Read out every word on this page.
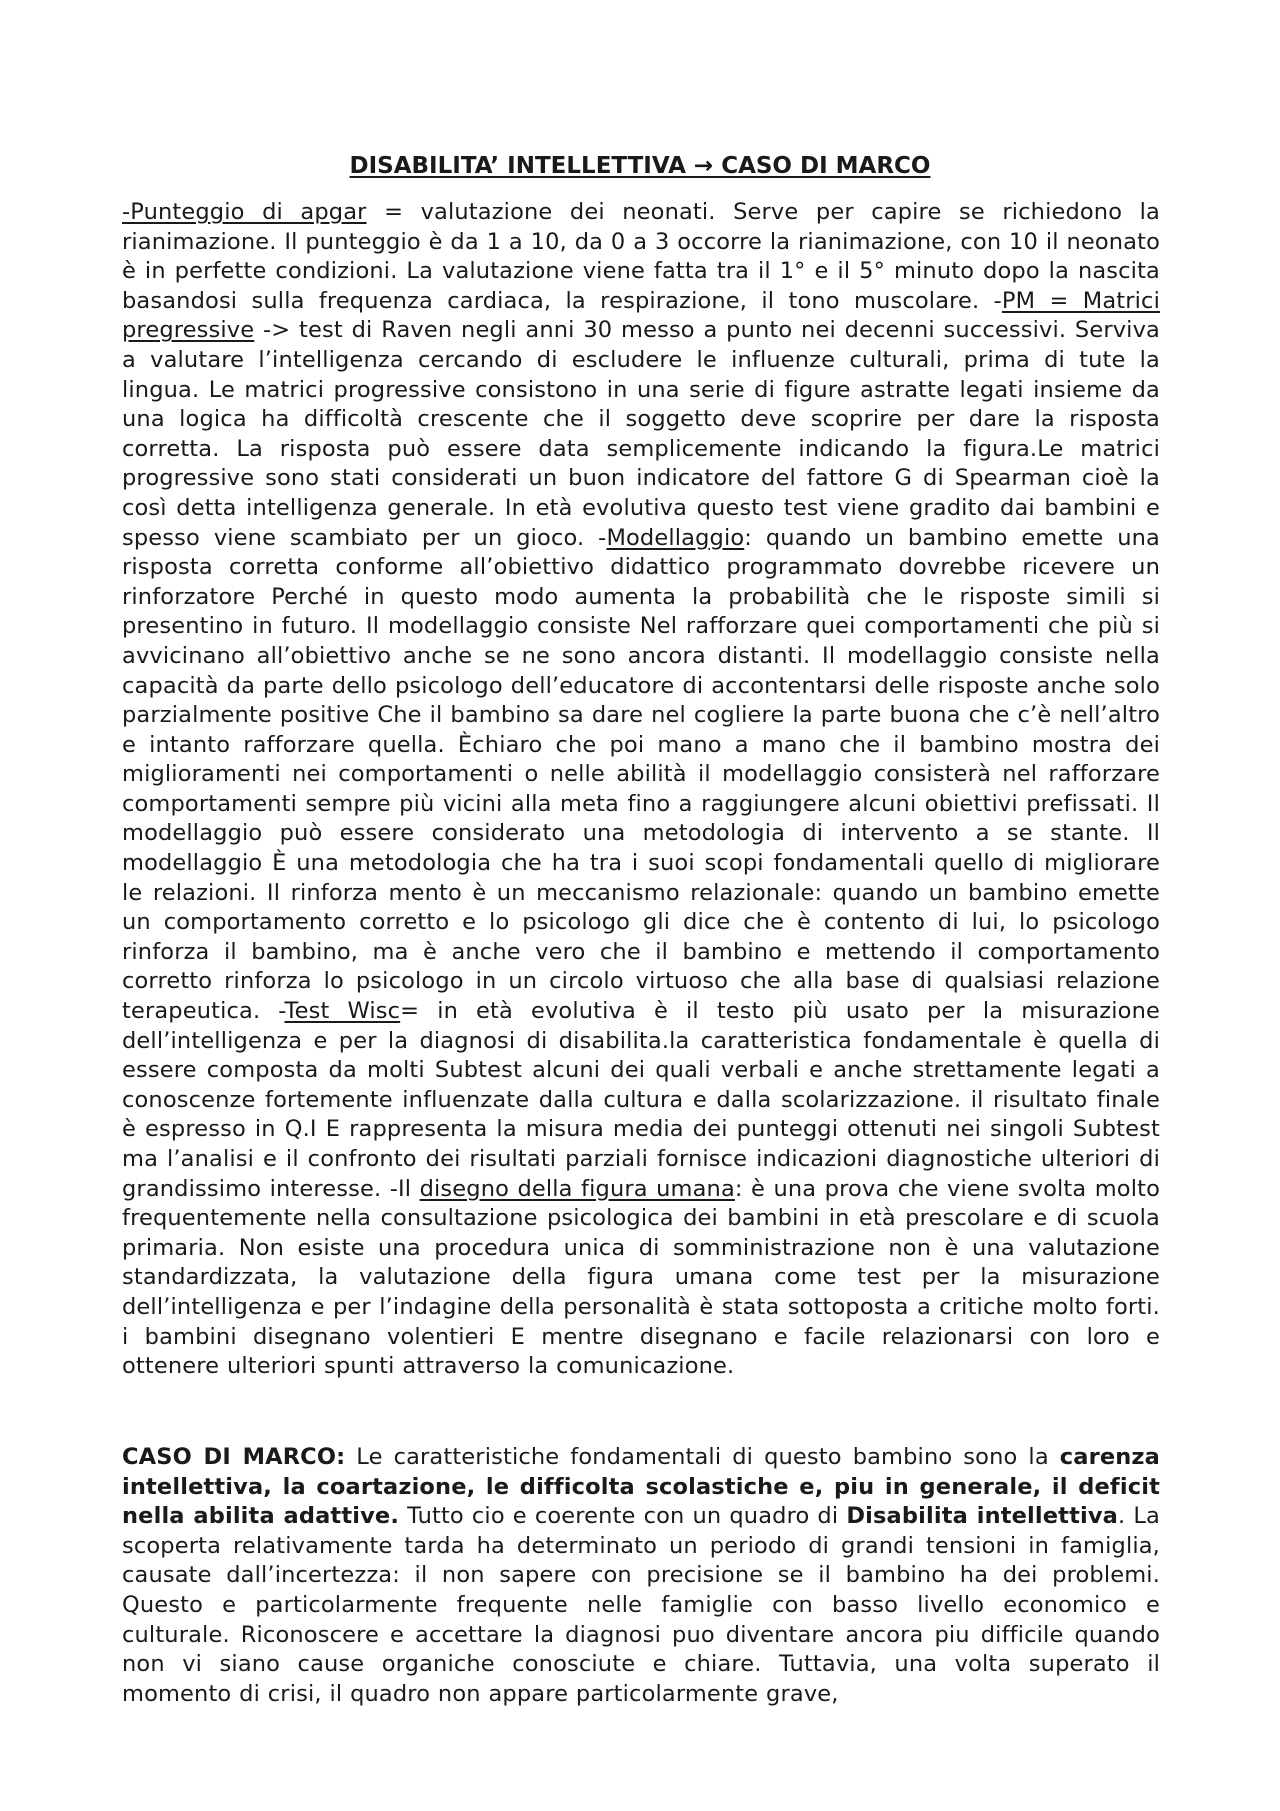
DISABILITA’ INTELLETTIVA → CASO DI MARCO
-Punteggio di apgar = valutazione dei neonati. Serve per capire se richiedono la rianimazione. Il punteggio è da 1 a 10, da 0 a 3 occorre la rianimazione, con 10 il neonato è in perfette condizioni. La valutazione viene fatta tra il 1° e il 5° minuto dopo la nascita basandosi sulla frequenza cardiaca, la respirazione, il tono muscolare. -PM = Matrici pregressive -> test di Raven negli anni 30 messo a punto nei decenni successivi. Serviva a valutare l’intelligenza cercando di escludere le influenze culturali, prima di tute la lingua. Le matrici progressive consistono in una serie di figure astratte legati insieme da una logica ha difficoltà crescente che il soggetto deve scoprire per dare la risposta corretta. La risposta può essere data semplicemente indicando la figura.Le matrici progressive sono stati considerati un buon indicatore del fattore G di Spearman cioè la così detta intelligenza generale. In età evolutiva questo test viene gradito dai bambini e spesso viene scambiato per un gioco. -Modellaggio: quando un bambino emette una risposta corretta conforme all’obiettivo didattico programmato dovrebbe ricevere un rinforzatore Perché in questo modo aumenta la probabilità che le risposte simili si presentino in futuro. Il modellaggio consiste Nel rafforzare quei comportamenti che più si avvicinano all’obiettivo anche se ne sono ancora distanti. Il modellaggio consiste nella capacità da parte dello psicologo dell’educatore di accontentarsi delle risposte anche solo parzialmente positive Che il bambino sa dare nel cogliere la parte buona che c’è nell’altro e intanto rafforzare quella. Èchiaro che poi mano a mano che il bambino mostra dei miglioramenti nei comportamenti o nelle abilità il modellaggio consisterà nel rafforzare comportamenti sempre più vicini alla meta fino a raggiungere alcuni obiettivi prefissati. Il modellaggio può essere considerato una metodologia di intervento a se stante. Il modellaggio È una metodologia che ha tra i suoi scopi fondamentali quello di migliorare le relazioni. Il rinforza mento è un meccanismo relazionale: quando un bambino emette un comportamento corretto e lo psicologo gli dice che è contento di lui, lo psicologo rinforza il bambino, ma è anche vero che il bambino e mettendo il comportamento corretto rinforza lo psicologo in un circolo virtuoso che alla base di qualsiasi relazione terapeutica. -Test Wisc= in età evolutiva è il testo più usato per la misurazione dell’intelligenza e per la diagnosi di disabilita.la caratteristica fondamentale è quella di essere composta da molti Subtest alcuni dei quali verbali e anche strettamente legati a conoscenze fortemente influenzate dalla cultura e dalla scolarizzazione. il risultato finale è espresso in Q.I E rappresenta la misura media dei punteggi ottenuti nei singoli Subtest ma l’analisi e il confronto dei risultati parziali fornisce indicazioni diagnostiche ulteriori di grandissimo interesse. -Il disegno della figura umana: è una prova che viene svolta molto frequentemente nella consultazione psicologica dei bambini in età prescolare e di scuola primaria. Non esiste una procedura unica di somministrazione non è una valutazione standardizzata, la valutazione della figura umana come test per la misurazione dell’intelligenza e per l’indagine della personalità è stata sottoposta a critiche molto forti. i bambini disegnano volentieri E mentre disegnano e facile relazionarsi con loro e ottenere ulteriori spunti attraverso la comunicazione.
CASO DI MARCO: Le caratteristiche fondamentali di questo bambino sono la carenza intellettiva, la coartazione, le difficolta scolastiche e, piu in generale, il deficit nella abilita adattive. Tutto cio e coerente con un quadro di Disabilita intellettiva. La scoperta relativamente tarda ha determinato un periodo di grandi tensioni in famiglia, causate dall’incertezza: il non sapere con precisione se il bambino ha dei problemi. Questo e particolarmente frequente nelle famiglie con basso livello economico e culturale. Riconoscere e accettare la diagnosi puo diventare ancora piu difficile quando non vi siano cause organiche conosciute e chiare. Tuttavia, una volta superato il momento di crisi, il quadro non appare particolarmente grave,
